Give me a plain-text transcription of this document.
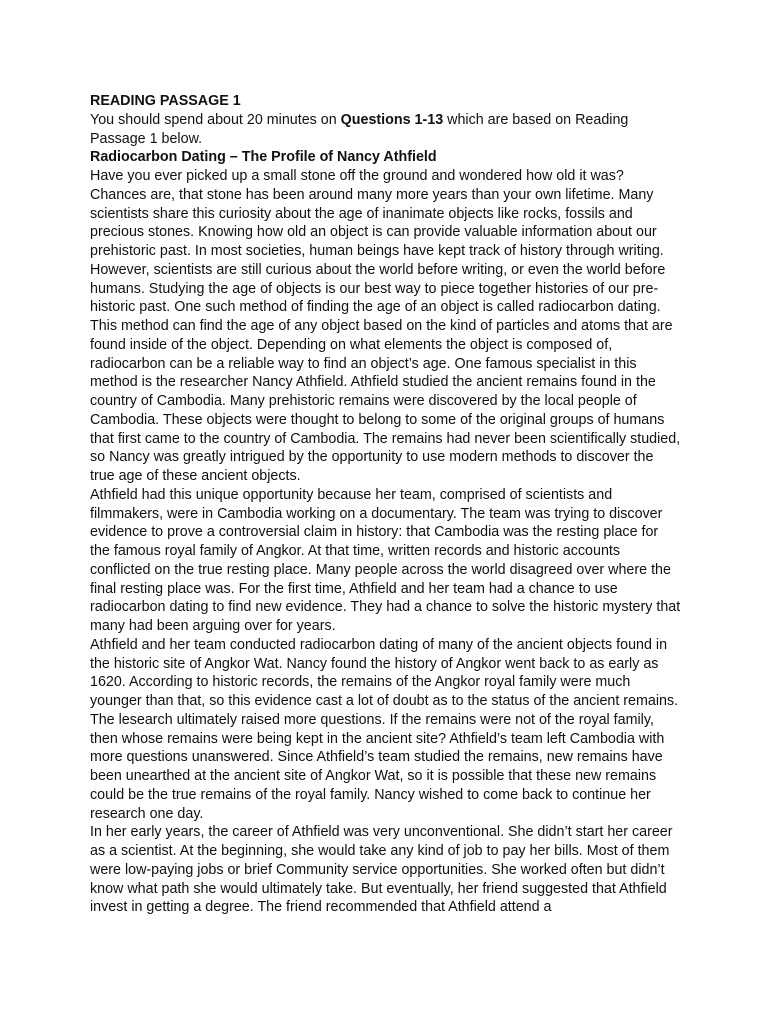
READING PASSAGE 1

You should spend about 20 minutes on Questions 1-13 which are based on Reading Passage 1 below.

Radiocarbon Dating – The Profile of Nancy Athfield

Have you ever picked up a small stone off the ground and wondered how old it was? Chances are, that stone has been around many more years than your own lifetime. Many scientists share this curiosity about the age of inanimate objects like rocks, fossils and precious stones. Knowing how old an object is can provide valuable information about our prehistoric past. In most societies, human beings have kept track of history through writing. However, scientists are still curious about the world before writing, or even the world before humans. Studying the age of objects is our best way to piece together histories of our pre-historic past. One such method of finding the age of an object is called radiocarbon dating. This method can find the age of any object based on the kind of particles and atoms that are found inside of the object. Depending on what elements the object is composed of, radiocarbon can be a reliable way to find an object’s age. One famous specialist in this method is the researcher Nancy Athfield. Athfield studied the ancient remains found in the country of Cambodia. Many prehistoric remains were discovered by the local people of Cambodia. These objects were thought to belong to some of the original groups of humans that first came to the country of Cambodia. The remains had never been scientifically studied, so Nancy was greatly intrigued by the opportunity to use modern methods to discover the true age of these ancient objects.

Athfield had this unique opportunity because her team, comprised of scientists and filmmakers, were in Cambodia working on a documentary. The team was trying to discover evidence to prove a controversial claim in history: that Cambodia was the resting place for the famous royal family of Angkor. At that time, written records and historic accounts conflicted on the true resting place. Many people across the world disagreed over where the final resting place was. For the first time, Athfield and her team had a chance to use radiocarbon dating to find new evidence. They had a chance to solve the historic mystery that many had been arguing over for years.

Athfield and her team conducted radiocarbon dating of many of the ancient objects found in the historic site of Angkor Wat. Nancy found the history of Angkor went back to as early as 1620. According to historic records, the remains of the Angkor royal family were much younger than that, so this evidence cast a lot of doubt as to the status of the ancient remains. The lesearch ultimately raised more questions. If the remains were not of the royal family, then whose remains were being kept in the ancient site? Athfield’s team left Cambodia with more questions unanswered. Since Athfield’s team studied the remains, new remains have been unearthed at the ancient site of Angkor Wat, so it is possible that these new remains could be the true remains of the royal family. Nancy wished to come back to continue her research one day.

In her early years, the career of Athfield was very unconventional. She didn’t start her career as a scientist. At the beginning, she would take any kind of job to pay her bills. Most of them were low-paying jobs or brief Community service opportunities. She worked often but didn’t know what path she would ultimately take. But eventually, her friend suggested that Athfield invest in getting a degree. The friend recommended that Athfield attend a
